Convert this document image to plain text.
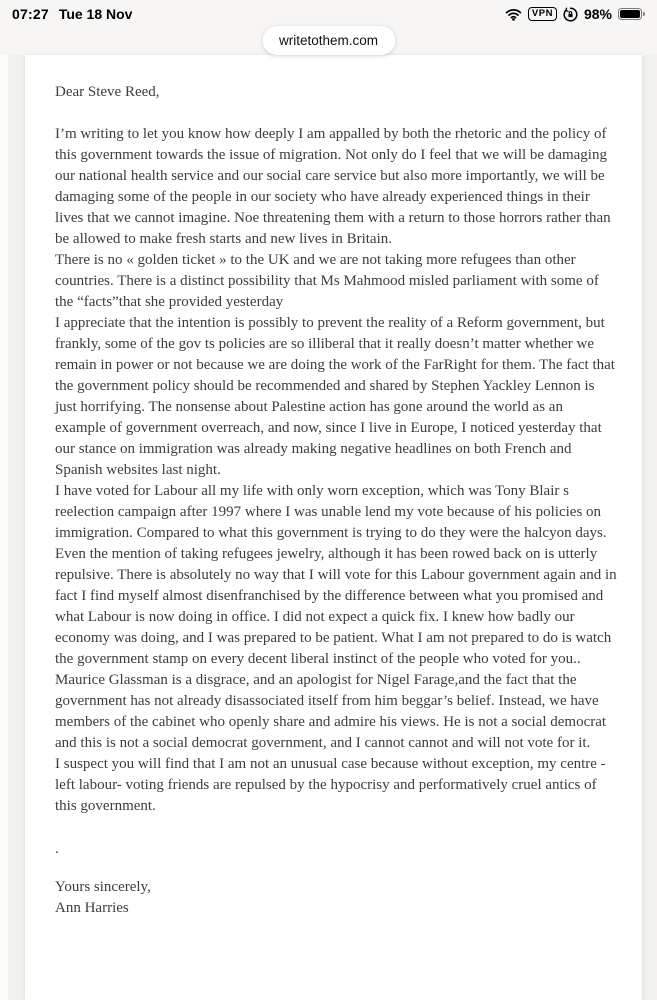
07:27 Tue 18 Nov	VPN 98%
writetothem.com

Dear Steve Reed,

I’m writing to let you know how deeply I am appalled by both the rhetoric and the policy of this government towards the issue of migration. Not only do I feel that we will be damaging our national health service and our social care service but also more importantly, we will be damaging some of the people in our society who have already experienced things in their lives that we cannot imagine. Noe threatening them with a return to those horrors rather than be allowed to make fresh starts and new lives in Britain.

There is no « golden ticket » to the UK and we are not taking more refugees than other countries. There is a distinct possibility that Ms Mahmood misled parliament with some of the “facts”that she provided yesterday

I appreciate that the intention is possibly to prevent the reality of a Reform government, but frankly, some of the gov ts policies are so illiberal that it really doesn’t matter whether we remain in power or not because we are doing the work of the FarRight for them. The fact that the government policy should be recommended and shared by Stephen Yackley Lennon is just horrifying. The nonsense about Palestine action has gone around the world as an example of government overreach, and now, since I live in Europe, I noticed yesterday that our stance on immigration was already making negative headlines on both French and Spanish websites last night.

I have voted for Labour all my life with only worn exception, which was Tony Blair s reelection campaign after 1997 where I was unable lend my vote because of his policies on immigration. Compared to what this government is trying to do they were the halcyon days.

Even the mention of taking refugees jewelry, although it has been rowed back on is utterly repulsive. There is absolutely no way that I will vote for this Labour government again and in fact I find myself almost disenfranchised by the difference between what you promised and what Labour is now doing in office. I did not expect a quick fix. I knew how badly our economy was doing, and I was prepared to be patient. What I am not prepared to do is watch the government stamp on every decent liberal instinct of the people who voted for you.. Maurice Glassman is a disgrace, and an apologist for Nigel Farage,and the fact that the government has not already disassociated itself from him beggar’s belief. Instead, we have members of the cabinet who openly share and admire his views. He is not a social democrat and this is not a social democrat government, and I cannot cannot and will not vote for it.

I suspect you will find that I am not an unusual case because without exception, my centre -left labour- voting friends are repulsed by the hypocrisy and performatively cruel antics of this government.

.

Yours sincerely,

Ann Harries
